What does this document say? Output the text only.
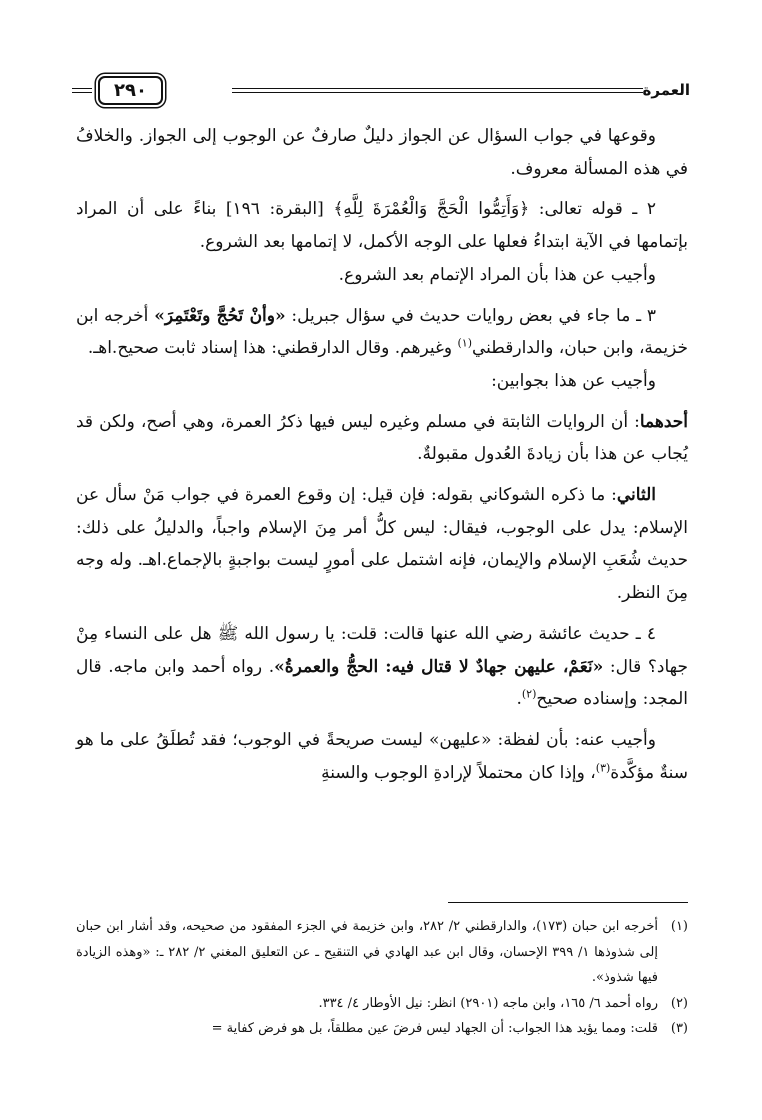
٢٩٠	العمرة

وقوعها في جواب السؤال عن الجواز دليلٌ صارفٌ عن الوجوب إلى الجواز. والخلافُ في هذه المسألة معروف.

٢ ـ قوله تعالى: ﴿وَأَتِمُّوا الْحَجَّ وَالْعُمْرَةَ لِلَّهِ﴾ [البقرة: ١٩٦] بناءً على أن المراد بإتمامها في الآية ابتداءُ فعلها على الوجه الأكمل، لا إتمامها بعد الشروع.

وأجيب عن هذا بأن المراد الإتمام بعد الشروع.

٣ ـ ما جاء في بعض روايات حديث في سؤال جبريل: «وأنْ تَحُجَّ وتَعْتَمِرَ» أخرجه ابن خزيمة، وابن حبان، والدارقطني$^{(١)}$ وغيرهم. وقال الدارقطني: هذا إسناد ثابت صحيح.اهـ.

وأجيب عن هذا بجوابين:

أحدهما: أن الروايات الثابتة في مسلم وغيره ليس فيها ذكرُ العمرة، وهي أصح، ولكن قد يُجاب عن هذا بأن زيادةَ العُدول مقبولةٌ.

الثاني: ما ذكره الشوكاني بقوله: فإن قيل: إن وقوع العمرة في جواب مَنْ سأل عن الإسلام: يدل على الوجوب، فيقال: ليس كلُّ أمر مِنَ الإسلام واجباً، والدليلُ على ذلك: حديث شُعَبِ الإسلام والإيمان، فإنه اشتمل على أمورٍ ليست بواجبةٍ بالإجماع.اهـ. وله وجه مِنَ النظر.

٤ ـ حديث عائشة رضي الله عنها قالت: قلت: يا رسول الله ﷺ هل على النساء مِنْ جهاد؟ قال: «نَعَمْ، عليهن جهادٌ لا قتال فيه: الحجُّ والعمرةُ». رواه أحمد وابن ماجه. قال المجد: وإسناده صحيح$^{(٢)}$.

وأجيب عنه: بأن لفظة: «عليهن» ليست صريحةً في الوجوب؛ فقد تُطلَقُ على ما هو سنةٌ مؤكَّدة$^{(٣)}$، وإذا كان محتملاً لإرادةِ الوجوب والسنةِ

(١)
أخرجه ابن حبان (١٧٣)، والدارقطني ٢/ ٢٨٢، وابن خزيمة في الجزء المفقود من صحيحه، وقد أشار ابن حبان إلى شذوذها ١/ ٣٩٩ الإحسان، وقال ابن عبد الهادي في التنقيح ـ عن التعليق المغني ٢/ ٢٨٢ ـ: «وهذه الزيادة فيها شذوذ».
(٢)
رواه أحمد ٦/ ١٦٥، وابن ماجه (٢٩٠١) انظر: نيل الأوطار ٤/ ٣٣٤.
(٣)
قلت: ومما يؤيد هذا الجواب: أن الجهاد ليس فرضَ عين مطلقاً، بل هو فرض كفاية =
